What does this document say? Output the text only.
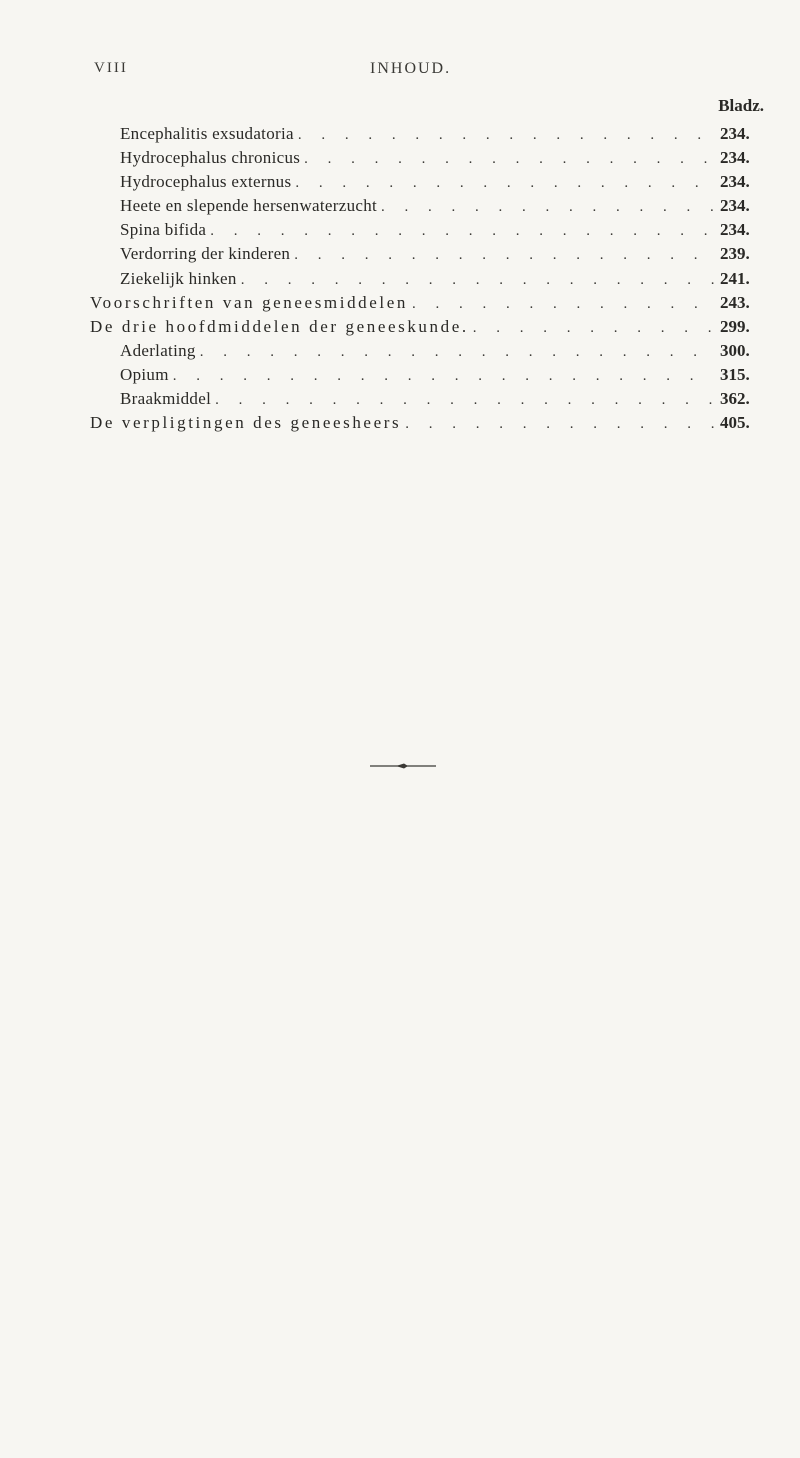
VIII	INHOUD.
Bladz.
Encephalitis exsudatoria . . .	234.
Hydrocephalus chronicus . . .	234.
Hydrocephalus externus . . .	234.
Heete en slepende hersenwaterzucht . . .	234.
Spina bifida . . .	234.
Verdorring der kinderen . . .	239.
Ziekelijk hinken . . .	241.
Voorschriften van geneesmiddelen . . .	243.
De drie hoofdmiddelen der geneeskunde. . . .	299.
Aderlating . . .	300.
Opium . . .	315.
Braakmiddel . . .	362.
De verpligtingen des geneesheers . . .	405.
